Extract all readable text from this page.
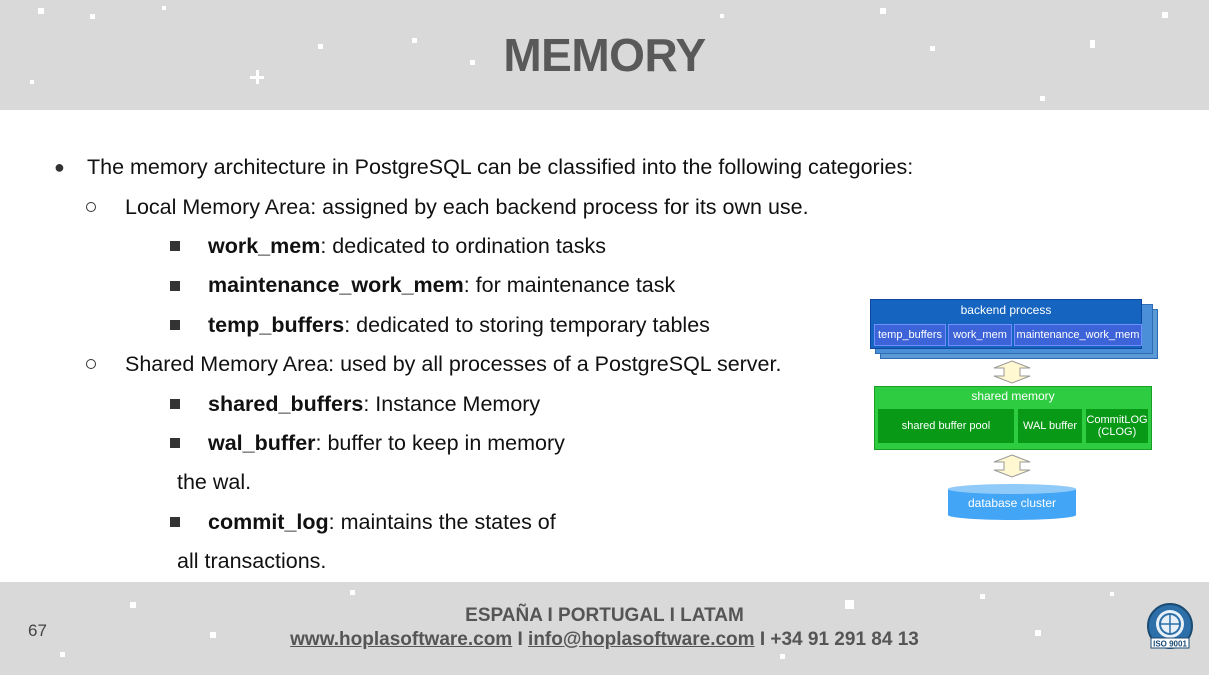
MEMORY
● The memory architecture in PostgreSQL can be classified into the following categories:
Local Memory Area: assigned by each backend process for its own use.
work_mem: dedicated to ordination tasks
maintenance_work_mem: for maintenance task
temp_buffers: dedicated to storing temporary tables
Shared Memory Area: used by all processes of a PostgreSQL server.
shared_buffers: Instance Memory
wal_buffer: buffer to keep in memory
the wal.
commit_log: maintains the states of
all transactions.
backend process
temp_buffers	work_mem maintenance_work_mem
shared memory
shared buffer pool	WAL buffer CommitLOG
(CLOG)
database cluster
67
ESPAÑA I PORTUGAL I LATAM
www.hoplasoftware.com I info@hoplasoftware.com I +34 91 291 84 13	ISO 9001
